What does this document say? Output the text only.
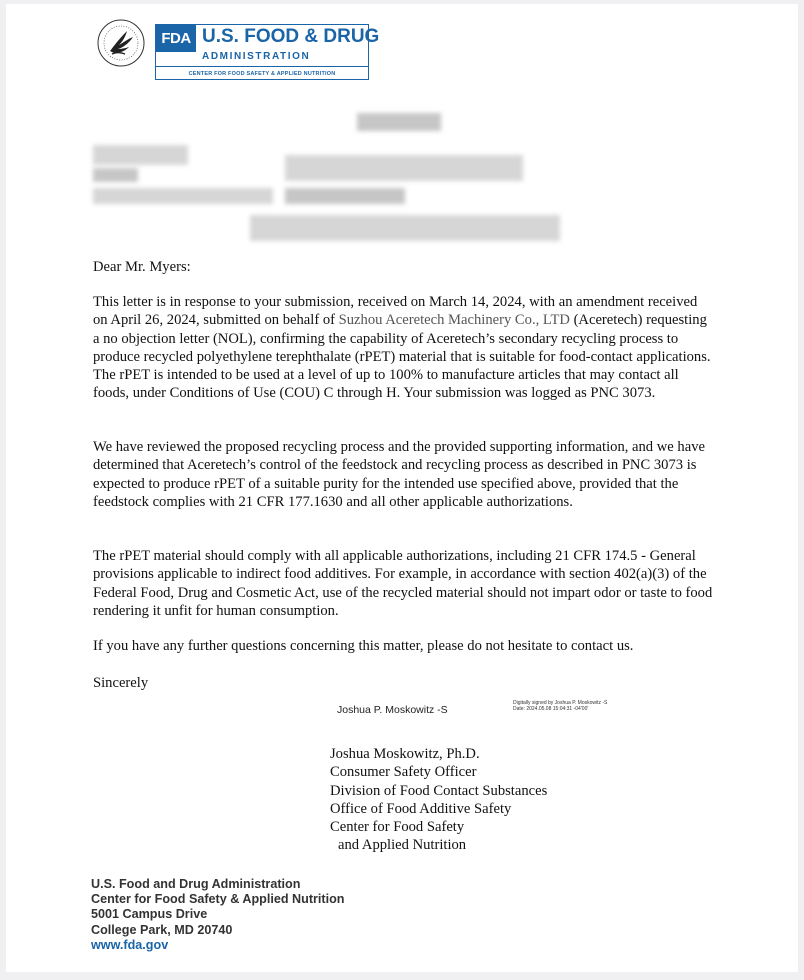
FDA U.S. FOOD & DRUG
ADMINISTRATION
CENTER FOR FOOD SAFETY & APPLIED NUTRITION

Dear Mr. Myers:

This letter is in response to your submission, received on March 14, 2024, with an amendment received on April 26, 2024, submitted on behalf of Suzhou Aceretech Machinery Co., LTD (Aceretech) requesting a no objection letter (NOL), confirming the capability of Aceretech’s secondary recycling process to produce recycled polyethylene terephthalate (rPET) material that is suitable for food-contact applications. The rPET is intended to be used at a level of up to 100% to manufacture articles that may contact all foods, under Conditions of Use (COU) C through H. Your submission was logged as PNC 3073.

We have reviewed the proposed recycling process and the provided supporting information, and we have determined that Aceretech’s control of the feedstock and recycling process as described in PNC 3073 is expected to produce rPET of a suitable purity for the intended use specified above, provided that the feedstock complies with 21 CFR 177.1630 and all other applicable authorizations.

The rPET material should comply with all applicable authorizations, including 21 CFR 174.5 - General provisions applicable to indirect food additives. For example, in accordance with section 402(a)(3) of the Federal Food, Drug and Cosmetic Act, use of the recycled material should not impart odor or taste to food rendering it unfit for human consumption.

If you have any further questions concerning this matter, please do not hesitate to contact us.

Sincerely

Joshua P. Moskowitz -S
Digitally signed by Joshua P. Moskowitz -S
Date: 2024.05.08 15:04:31 -04'00'
Joshua Moskowitz, Ph.D.
Consumer Safety Officer
Division of Food Contact Substances
Office of Food Additive Safety
Center for Food Safety
and Applied Nutrition
U.S. Food and Drug Administration
Center for Food Safety & Applied Nutrition
5001 Campus Drive
College Park, MD 20740
www.fda.gov
